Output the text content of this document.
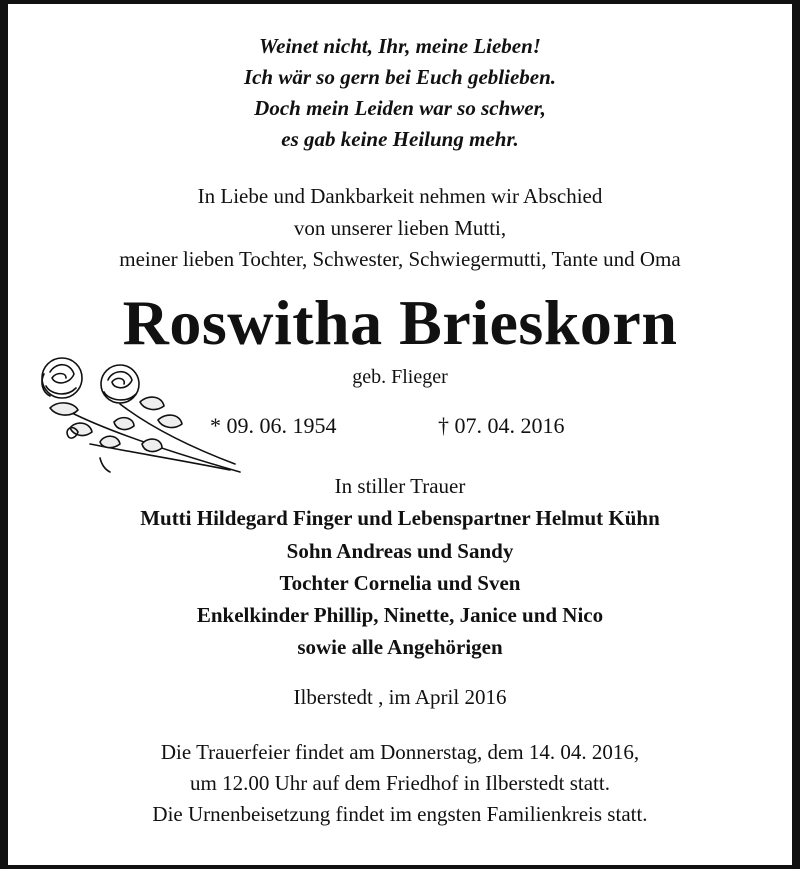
Weinet nicht, Ihr, meine Lieben!
Ich wär so gern bei Euch geblieben.
Doch mein Leiden war so schwer,
es gab keine Heilung mehr.
In Liebe und Dankbarkeit nehmen wir Abschied
von unserer lieben Mutti,
meiner lieben Tochter, Schwester, Schwiegermutti, Tante und Oma
Roswitha Brieskorn
geb. Flieger
* 09. 06. 1954	† 07. 04. 2016
In stiller Trauer
Mutti Hildegard Finger und Lebenspartner Helmut Kühn
Sohn Andreas und Sandy
Tochter Cornelia und Sven
Enkelkinder Phillip, Ninette, Janice und Nico
sowie alle Angehörigen
Ilberstedt , im April 2016
Die Trauerfeier findet am Donnerstag, dem 14. 04. 2016,
um 12.00 Uhr auf dem Friedhof in Ilberstedt statt.
Die Urnenbeisetzung findet im engsten Familienkreis statt.
